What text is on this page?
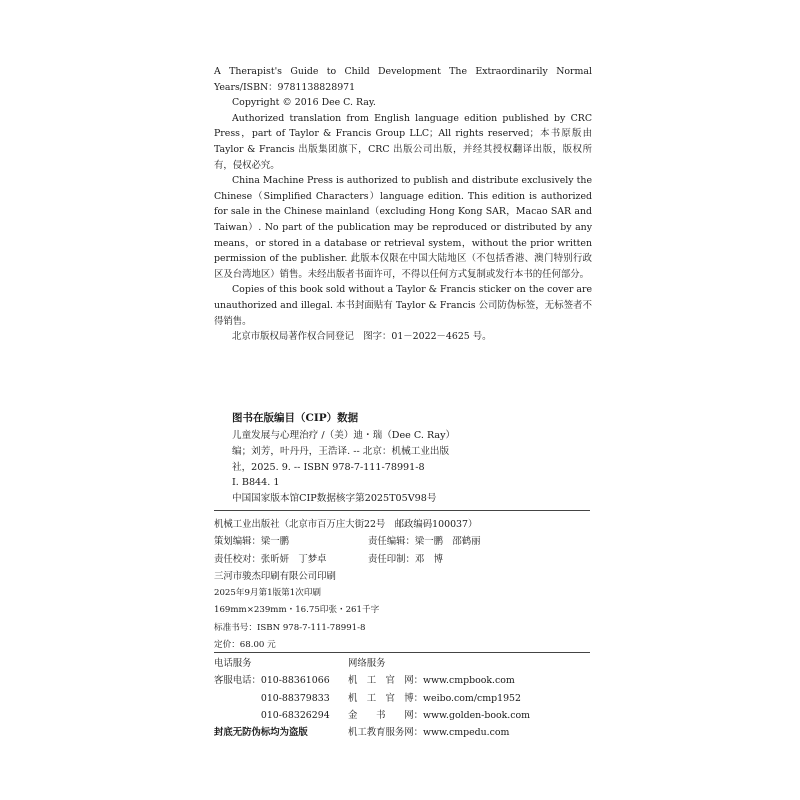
A Therapist's Guide to Child Development The Extraordinarily Normal Years/ISBN：9781138828971

Copyright © 2016 Dee C. Ray.

Authorized translation from English language edition published by CRC Press，part of Taylor & Francis Group LLC；All rights reserved；本书原版由 Taylor & Francis 出版集团旗下，CRC 出版公司出版，并经其授权翻译出版，版权所有，侵权必究。

China Machine Press is authorized to publish and distribute exclusively the Chinese（Simplified Characters）language edition. This edition is authorized for sale in the Chinese mainland（excluding Hong Kong SAR，Macao SAR and Taiwan）. No part of the publication may be reproduced or distributed by any means，or stored in a database or retrieval system，without the prior written permission of the publisher. 此版本仅限在中国大陆地区（不包括香港、澳门特别行政区及台湾地区）销售。未经出版者书面许可，不得以任何方式复制或发行本书的任何部分。

Copies of this book sold without a Taylor & Francis sticker on the cover are unauthorized and illegal. 本书封面贴有 Taylor & Francis 公司防伪标签，无标签者不得销售。

北京市版权局著作权合同登记　图字：01－2022－4625 号。

图书在版编目（CIP）数据
儿童发展与心理治疗 /（美）迪・瑞（Dee C. Ray）
编；刘芳，叶丹丹，王浩译. -- 北京：机械工业出版
社，2025. 9. -- ISBN 978-7-111-78991-8
Ⅰ. B844. 1
中国国家版本馆CIP数据核字第2025T05V98号
机械工业出版社（北京市百万庄大街22号　邮政编码100037）
策划编辑：梁一鹏	责任编辑：梁一鹏　邵鹤丽
责任校对：张昕妍　丁梦卓	责任印制：邓　博
三河市骏杰印刷有限公司印刷
2025年9月第1版第1次印刷
169mm×239mm・16.75印张・261千字
标准书号：ISBN 978-7-111-78991-8
定价：68.00 元
电话服务	网络服务
客服电话：010-88361066 机　工　官　网：www.cmpbook.com
　　　　　010-88379833 机　工　官　博：weibo.com/cmp1952
　　　　　010-68326294 金　　书　　网：www.golden-book.com
封底无防伪标均为盗版	机工教育服务网：www.cmpedu.com
